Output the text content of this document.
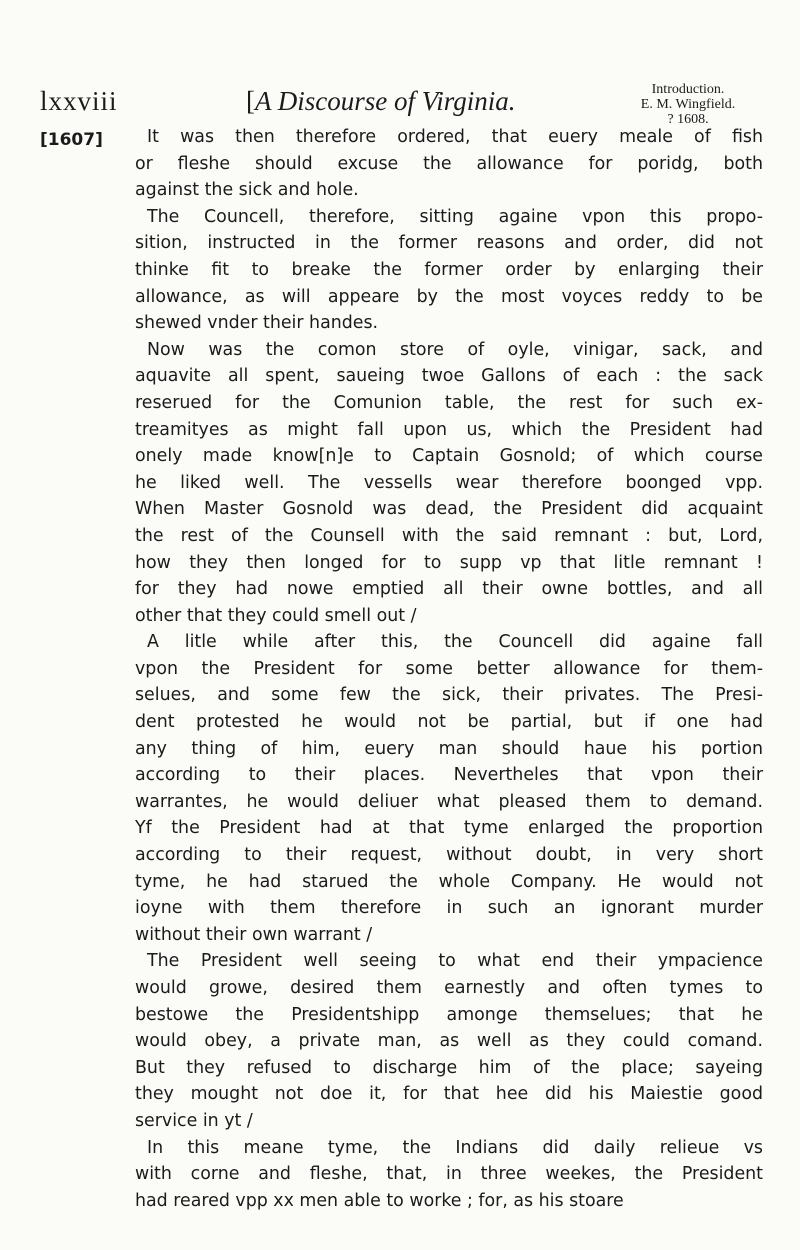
lxxviii	[A Discourse of Virginia.	Introduction.
E. M. Wingfield.
? 1608.
[1607]	It was then therefore ordered, that euery meale of fish
or fleshe should excuse the allowance for poridg, both
against the sick and hole.
The Councell, therefore, sitting againe vpon this propo-
sition, instructed in the former reasons and order, did not
thinke fit to breake the former order by enlarging their
allowance, as will appeare by the most voyces reddy to be
shewed vnder their handes.
Now was the comon store of oyle, vinigar, sack, and
aquavite all spent, saueing twoe Gallons of each : the sack
reserued for the Comunion table, the rest for such ex-
treamityes as might fall upon us, which the President had
onely made know[n]e to Captain Gosnold; of which course
he liked well. The vessells wear therefore boonged vpp.
When Master Gosnold was dead, the President did acquaint
the rest of the Counsell with the said remnant : but, Lord,
how they then longed for to supp vp that litle remnant !
for they had nowe emptied all their owne bottles, and all
other that they could smell out /
A litle while after this, the Councell did againe fall
vpon the President for some better allowance for them-
selues, and some few the sick, their privates. The Presi-
dent protested he would not be partial, but if one had
any thing of him, euery man should haue his portion
according to their places. Nevertheles that vpon their
warrantes, he would deliuer what pleased them to demand.
Yf the President had at that tyme enlarged the proportion
according to their request, without doubt, in very short
tyme, he had starued the whole Company. He would not
ioyne with them therefore in such an ignorant murder
without their own warrant /
The President well seeing to what end their ympacience
would growe, desired them earnestly and often tymes to
bestowe the Presidentshipp amonge themselues; that he
would obey, a private man, as well as they could comand.
But they refused to discharge him of the place; sayeing
they mought not doe it, for that hee did his Maiestie good
service in yt /
In this meane tyme, the Indians did daily relieue vs
with corne and fleshe, that, in three weekes, the President
had reared vpp xx men able to worke ; for, as his stoare
